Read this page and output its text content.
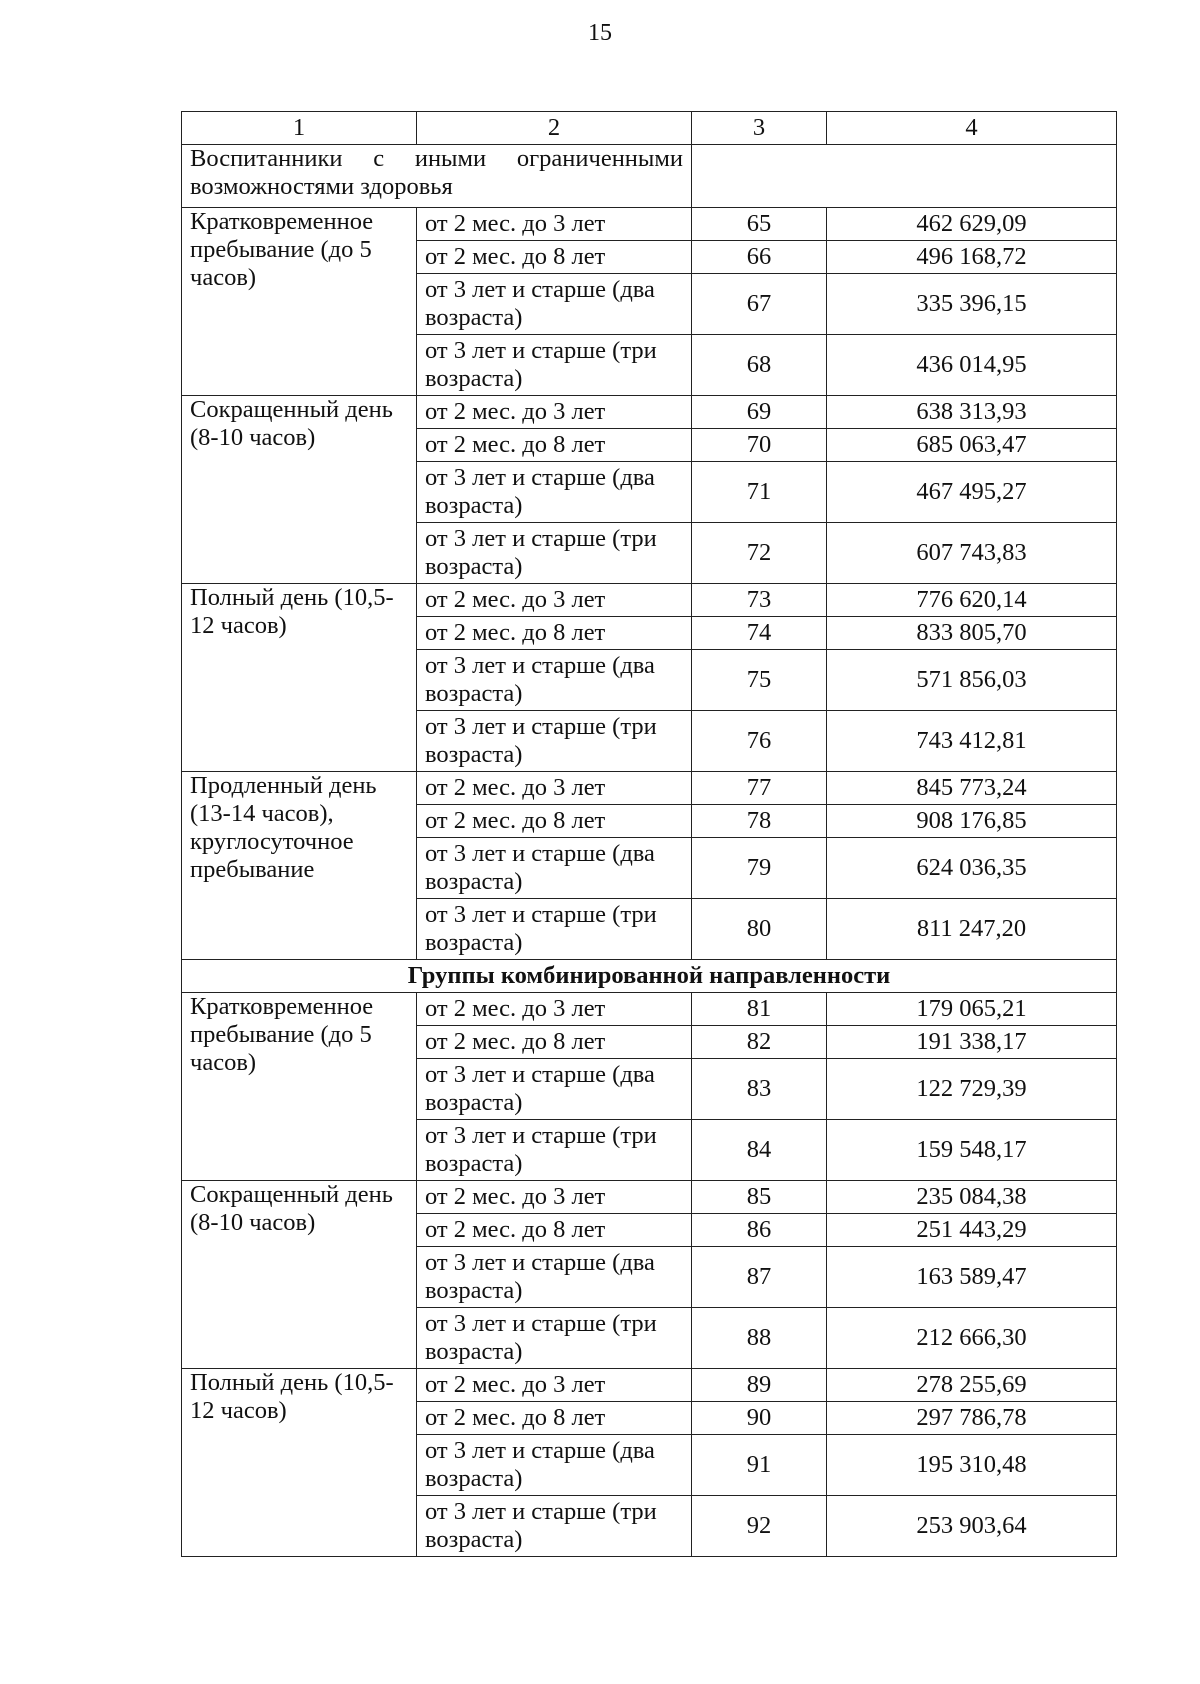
15
1	2	3	4
Воспитанники с иными ограниченными возможностями здоровья			
Кратковременное пребывание (до 5 часов)	от 2 мес. до 3 лет	65	462 629,09
	от 2 мес. до 8 лет	66	496 168,72
	от 3 лет и старше (два возраста)	67	335 396,15
	от 3 лет и старше (три возраста)	68	436 014,95
Сокращенный день (8-10 часов)	от 2 мес. до 3 лет	69	638 313,93
	от 2 мес. до 8 лет	70	685 063,47
	от 3 лет и старше (два возраста)	71	467 495,27
	от 3 лет и старше (три возраста)	72	607 743,83
Полный день (10,5-12 часов)	от 2 мес. до 3 лет	73	776 620,14
	от 2 мес. до 8 лет	74	833 805,70
	от 3 лет и старше (два возраста)	75	571 856,03
	от 3 лет и старше (три возраста)	76	743 412,81
Продленный день (13-14 часов), круглосуточное пребывание	от 2 мес. до 3 лет	77	845 773,24
	от 2 мес. до 8 лет	78	908 176,85
	от 3 лет и старше (два возраста)	79	624 036,35
	от 3 лет и старше (три возраста)	80	811 247,20
Группы комбинированной направленности			
Кратковременное пребывание (до 5 часов)	от 2 мес. до 3 лет	81	179 065,21
	от 2 мес. до 8 лет	82	191 338,17
	от 3 лет и старше (два возраста)	83	122 729,39
	от 3 лет и старше (три возраста)	84	159 548,17
Сокращенный день (8-10 часов)	от 2 мес. до 3 лет	85	235 084,38
	от 2 мес. до 8 лет	86	251 443,29
	от 3 лет и старше (два возраста)	87	163 589,47
	от 3 лет и старше (три возраста)	88	212 666,30
Полный день (10,5-12 часов)	от 2 мес. до 3 лет	89	278 255,69
	от 2 мес. до 8 лет	90	297 786,78
	от 3 лет и старше (два возраста)	91	195 310,48
	от 3 лет и старше (три возраста)	92	253 903,64
